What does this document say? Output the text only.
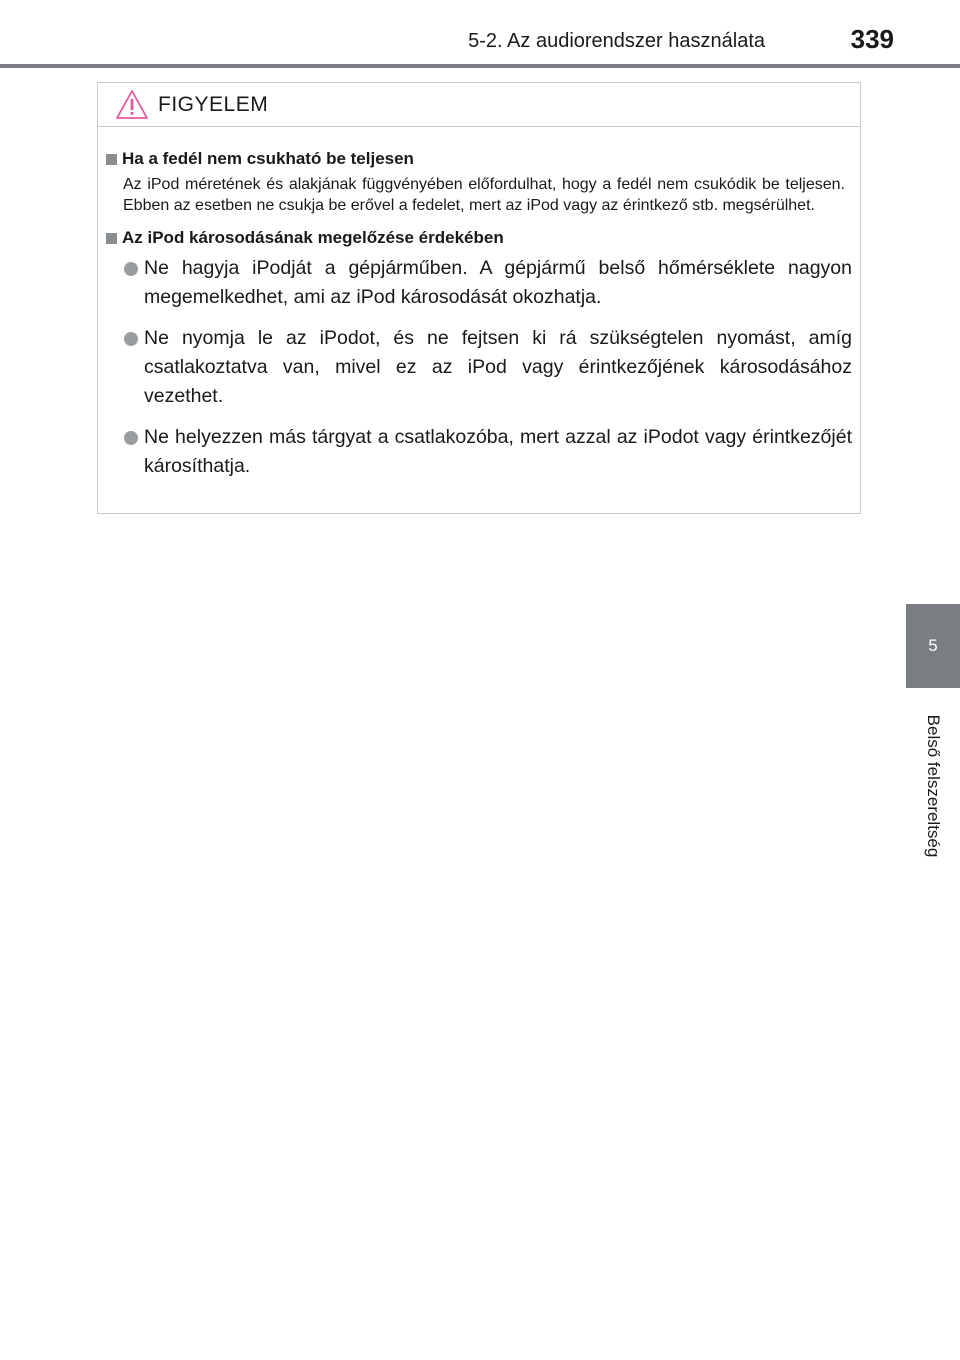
5-2. Az audiorendszer használata	339
5
Belső felszereltség
FIGYELEM
Ha a fedél nem csukható be teljesen
Az iPod méretének és alakjának függvényében előfordulhat, hogy a fedél nem csukódik be teljesen. Ebben az esetben ne csukja be erővel a fedelet, mert az iPod vagy az érintkező stb. megsérülhet.
Az iPod károsodásának megelőzése érdekében
Ne hagyja iPodját a gépjárműben. A gépjármű belső hőmérséklete nagyon megemelkedhet, ami az iPod károsodását okozhatja.
Ne nyomja le az iPodot, és ne fejtsen ki rá szükségtelen nyomást, amíg csatlakoztatva van, mivel ez az iPod vagy érintkezőjének károsodásához vezethet.
Ne helyezzen más tárgyat a csatlakozóba, mert azzal az iPodot vagy érintkezőjét károsíthatja.
